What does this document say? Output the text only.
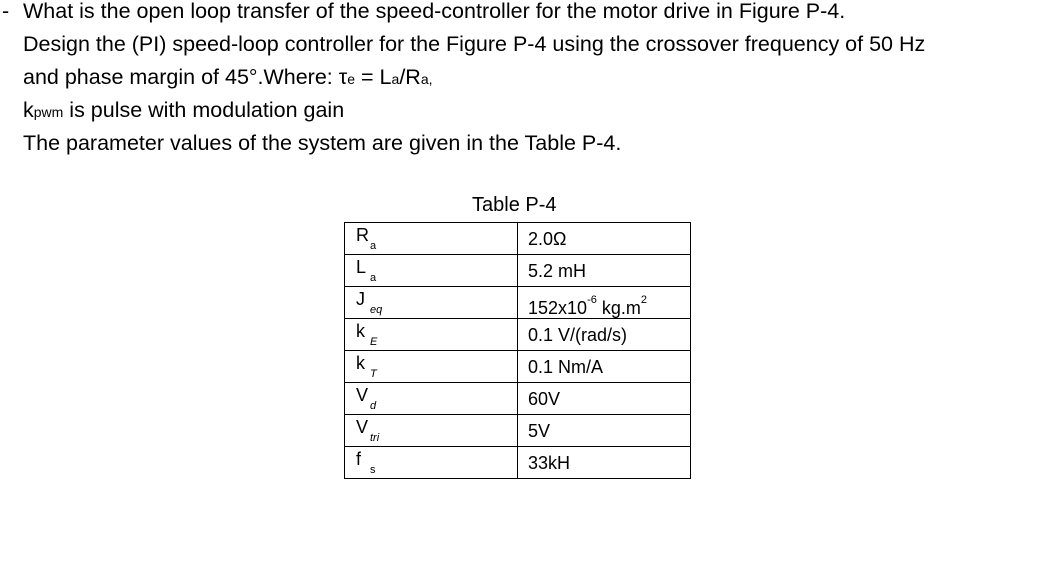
- What is the open loop transfer of the speed-controller for the motor drive in Figure P-4.
Design the (PI) speed-loop controller for the Figure P-4 using the crossover frequency of 50 Hz
and phase margin of 45°.Where: τe = La/Ra,
kpwm is pulse with modulation gain
The parameter values of the system are given in the Table P-4.
Table P-4
R
a	2.0Ω

L
a	5.2 mH

J
eq	$152x10^{-6}$ $kg.m^2$

k
E	0.1 V/(rad/s)

k
T	0.1 Nm/A

V
d	60V

V
tri	5V

f
s	33kH
